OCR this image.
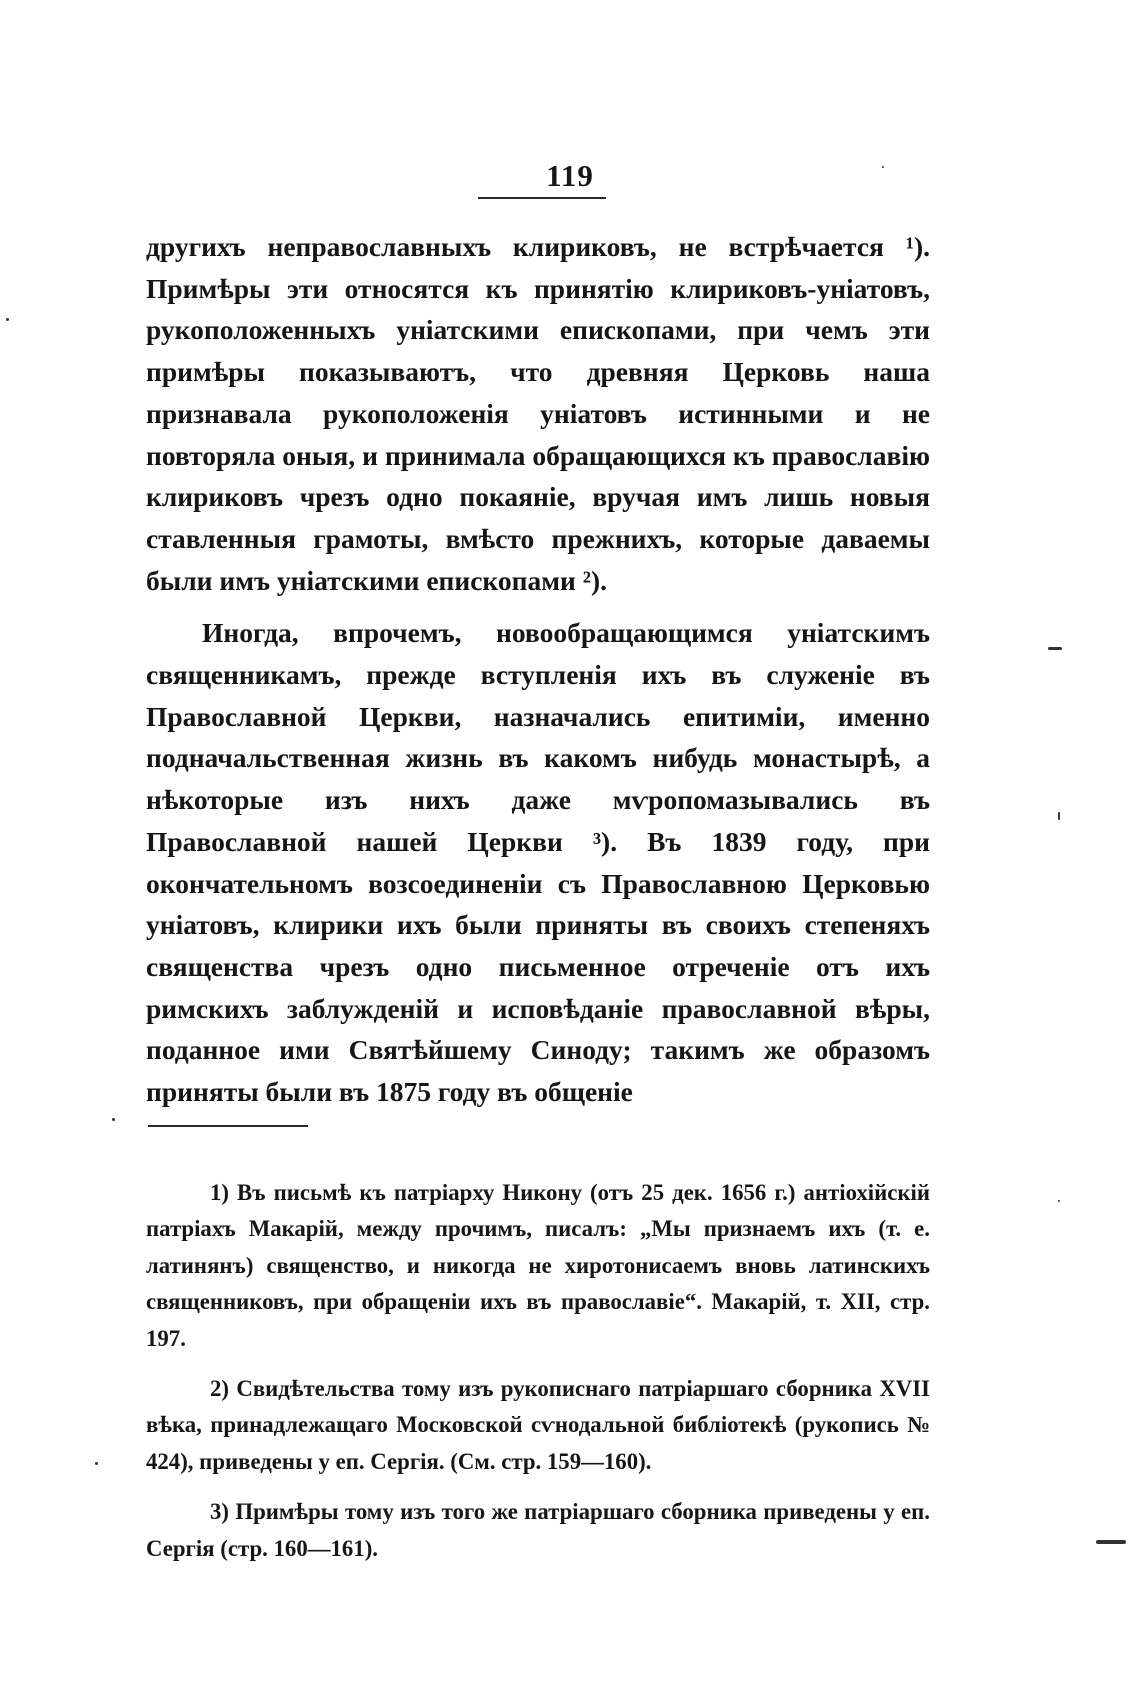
119

другихъ неправославныхъ клириковъ, не встрѣчается ¹). Примѣры эти относятся къ принятію клириковъ-уніатовъ, рукоположенныхъ уніатскими епископами, при чемъ эти примѣры показываютъ, что древняя Церковь наша признавала рукоположенія уніатовъ истинными и не повторяла оныя, и принимала обращающихся къ православію клириковъ чрезъ одно покаяніе, вручая имъ лишь новыя ставленныя грамоты, вмѣсто прежнихъ, которые даваемы были имъ уніатскими епископами ²).

Иногда, впрочемъ, новообращающимся уніатскимъ священникамъ, прежде вступленія ихъ въ служеніе въ Православной Церкви, назначались епитиміи, именно подначальственная жизнь въ какомъ нибудь монастырѣ, а нѣкоторые изъ нихъ даже мѵропомазывались въ Православной нашей Церкви ³). Въ 1839 году, при окончательномъ возсоединеніи съ Православною Церковью уніатовъ, клирики ихъ были приняты въ своихъ степеняхъ священства чрезъ одно письменное отреченіе отъ ихъ римскихъ заблужденій и исповѣданіе православной вѣры, поданное ими Святѣйшему Синоду; такимъ же образомъ приняты были въ 1875 году въ общеніе

1) Въ письмѣ къ патріарху Никону (отъ 25 дек. 1656 г.) антіохійскій патріахъ Макарій, между прочимъ, писалъ: „Мы признаемъ ихъ (т. е. латинянъ) священство, и никогда не хиротонисаемъ вновь латинскихъ священниковъ, при обращеніи ихъ въ православіе“. Макарій, т. XII, стр. 197.

2) Свидѣтельства тому изъ рукописнаго патріаршаго сборника XVII вѣка, принадлежащаго Московской сѵнодальной библіотекѣ (рукопись № 424), приведены у еп. Сергія. (См. стр. 159—160).

3) Примѣры тому изъ того же патріаршаго сборника приведены у еп. Сергія (стр. 160—161).
